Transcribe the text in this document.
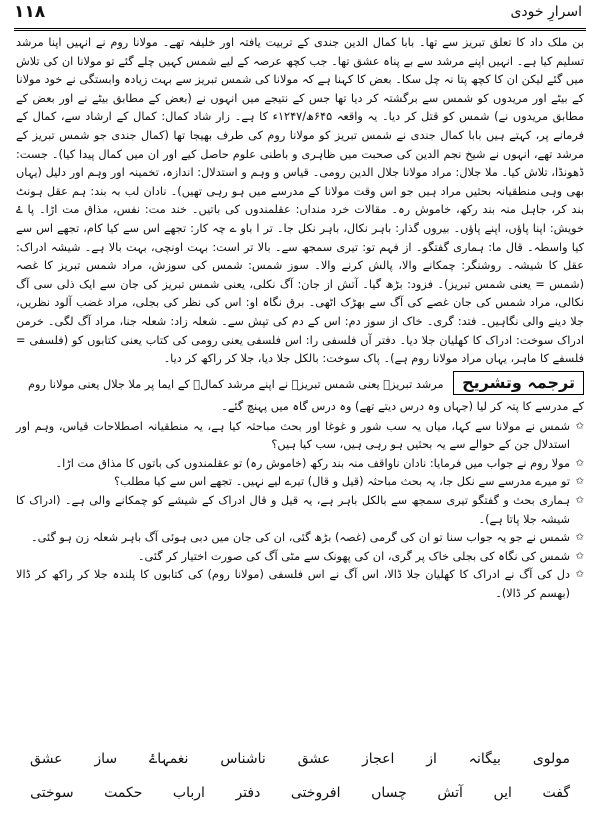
۱۱۸	اسرارِ خودی

بن ملک داد کا تعلق تبریز سے تھا۔ بابا کمال الدین جندی کے تربیت یافتہ اور خلیفہ تھے۔ مولانا روم نے انہیں اپنا مرشد تسلیم کیا ہے۔ انہیں اپنے مرشد سے بے پناہ عشق تھا۔ جب کچھ عرصہ کے لیے شمس کہیں چلے گئے تو مولانا ان کی تلاش میں گئے لیکن ان کا کچھ پتا نہ چل سکا۔ بعض کا کہنا ہے کہ مولانا کی شمس تبریز سے بہت زیادہ وابستگی نے خود مولانا کے بیٹے اور مریدوں کو شمس سے برگشتہ کر دیا تھا جس کے نتیجے میں انہوں نے (بعض کے مطابق بیٹے نے اور بعض کے مطابق مریدوں نے) شمس کو قتل کر دیا۔ یہ واقعہ ۶۴۵ھ/۱۲۴۷ء کا ہے۔ زار شاد کمال: کمال کے ارشاد سے، کمال کے فرمانے پر، کہتے ہیں بابا کمال جندی نے شمس تبریز کو مولانا روم کی طرف بھیجا تھا (کمال جندی جو شمس تبریز کے مرشد تھے، انہوں نے شیخ نجم الدین کی صحبت میں ظاہری و باطنی علوم حاصل کیے اور ان میں کمال پیدا کیا)۔ جست: ڈھونڈا، تلاش کیا۔ ملا جلال: مراد مولانا جلال الدین رومی۔ قیاس و وہم و استدلال: اندازہ، تخمینہ اور وہم اور دلیل (یہاں بھی وہی منطقیانہ بحثیں مراد ہیں جو اس وقت مولانا کے مدرسے میں ہو رہی تھیں)۔ نادان لب بہ بند: ہم عقل ہونٹ بند کر، جاہل منہ بند رکھ، خاموش رہ۔ مقالات خرد منداں: عقلمندوں کی باتیں۔ خند مت: نفس، مذاق مت اڑا۔ پا ۓ خویش: اپنا پاؤں، اپنے پاؤں۔ بیروں گذار: باہر نکال، باہر نکل جا۔ تر ا باو ے چہ کار: تجھے اس سے کیا کام، تجھے اس سے کیا واسطہ۔ قال ما: ہماری گفتگو۔ از فہم تو: تیری سمجھ سے۔ بالا تر است: بہت اونچی، بہت بالا ہے۔ شیشہ ادراک: عقل کا شیشہ۔ روشنگر: چمکانے والا، پالش کرنے والا۔ سوز شمس: شمس کی سوزش، مراد شمس تبریز کا غصہ (شمس = یعنی شمس تبریز)۔ فزود: بڑھ گیا۔ آتش از جان: آگ نکلی، یعنی شمس تبریز کی جان سے ایک ذلی سی آگ نکالی، مراد شمس کی جان غصے کی آگ سے بھڑک اٹھی۔ برق نگاہ او: اس کی نظر کی بجلی، مراد غضب آلود نظریں، جلا دینے والی نگاہیں۔ فتد: گری۔ خاک از سوز دم: اس کے دم کی تپش سے۔ شعلہ زاد: شعلہ جنا، مراد آگ لگی۔ خرمن ادراک سوخت: ادراک کا کھلیان جلا دیا۔ دفتر آں فلسفی را: اس فلسفی یعنی رومی کی کتاب یعنی کتابوں کو (فلسفی = فلسفے کا ماہر، یہاں مراد مولانا روم ہے)۔ پاک سوخت: بالکل جلا دیا، جلا کر راکھ کر دیا۔

ترجمہ وتشریح مرشد تبریزؒ یعنی شمس تبریزؒ نے اپنے مرشد کمالؒ کے ایما پر ملا جلال یعنی مولانا روم کے مدرسے کا پتہ کر لیا (جہاں وہ درس دیتے تھے) وہ درس گاہ میں پہنچ گئے۔
✩
شمس نے مولانا سے کہا، میاں یہ سب شور و غوغا اور بحث مباحثہ کیا ہے، یہ منطقیانہ اصطلاحات قیاس، وہم اور استدلال جن کے حوالے سے یہ بحثیں ہو رہی ہیں، سب کیا ہیں؟
✩
مولا روم نے جواب میں فرمایا: نادان ناواقف منہ بند رکھ (خاموش رہ) تو عقلمندوں کی باتوں کا مذاق مت اڑا۔
✩
تو میرے مدرسے سے نکل جا، یہ بحث مباحثہ (قیل و قال) تیرے لیے نہیں۔ تجھے اس سے کیا مطلب؟
✩
ہماری بحث و گفتگو تیری سمجھ سے بالکل باہر ہے، یہ قیل و قال ادراک کے شیشے کو چمکانے والی ہے۔ (ادراک کا شیشہ جلا پاتا ہے)۔
✩
شمس نے جو یہ جواب سنا تو ان کی گرمی (غصہ) بڑھ گئی، ان کی جان میں دبی ہوئی آگ باہر شعلہ زن ہو گئی۔
✩
شمس کی نگاہ کی بجلی خاک پر گری، ان کی پھونک سے مٹی آگ کی صورت اختیار کر گئی۔
✩
دل کی آگ نے ادراک کا کھلیان جلا ڈالا، اس آگ نے اس فلسفی (مولانا روم) کی کتابوں کا پلندہ جلا کر راکھ کر ڈالا (بھسم کر ڈالا)۔
مولوی
بیگانہ
از
اعجاز
عشق
ناشناس
نغمہاۓ
ساز
عشق
گفت
ایں
آتش
چساں
افروختی
دفتر
ارباب
حکمت
سوختی
